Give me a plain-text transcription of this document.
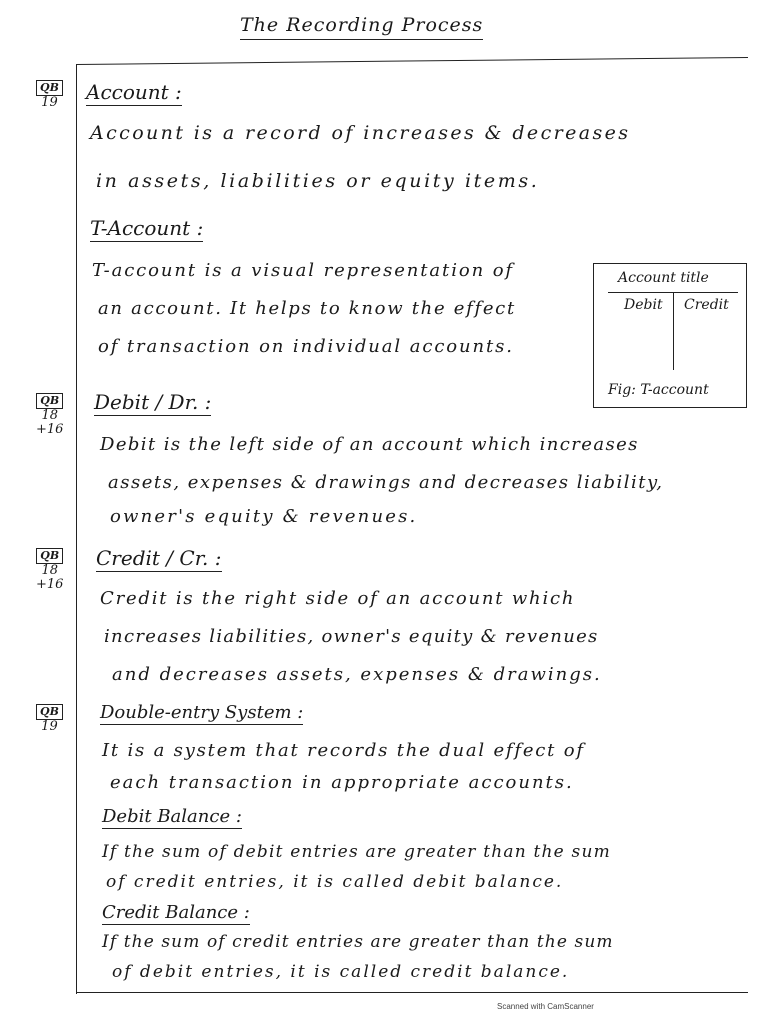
The Recording Process
QB
19 Account :
Account is a record of increases & decreases
in assets, liabilities or equity items.
T-Account :
T-account is a visual representation of
an account. It helps to know the effect
of transaction on individual accounts.
Account title
Debit Credit
Fig: T-account
QB
18
+16
Debit / Dr. :
Debit is the left side of an account which increases
assets, expenses & drawings and decreases liability,
owner's equity & revenues.
QB
18
+16
Credit / Cr. :
Credit is the right side of an account which
increases liabilities, owner's equity & revenues
and decreases assets, expenses & drawings.
QB
19
Double-entry System :
It is a system that records the dual effect of
each transaction in appropriate accounts.
Debit Balance :
If the sum of debit entries are greater than the sum
of credit entries, it is called debit balance.
Credit Balance :
If the sum of credit entries are greater than the sum
of debit entries, it is called credit balance.
Scanned with CamScanner
